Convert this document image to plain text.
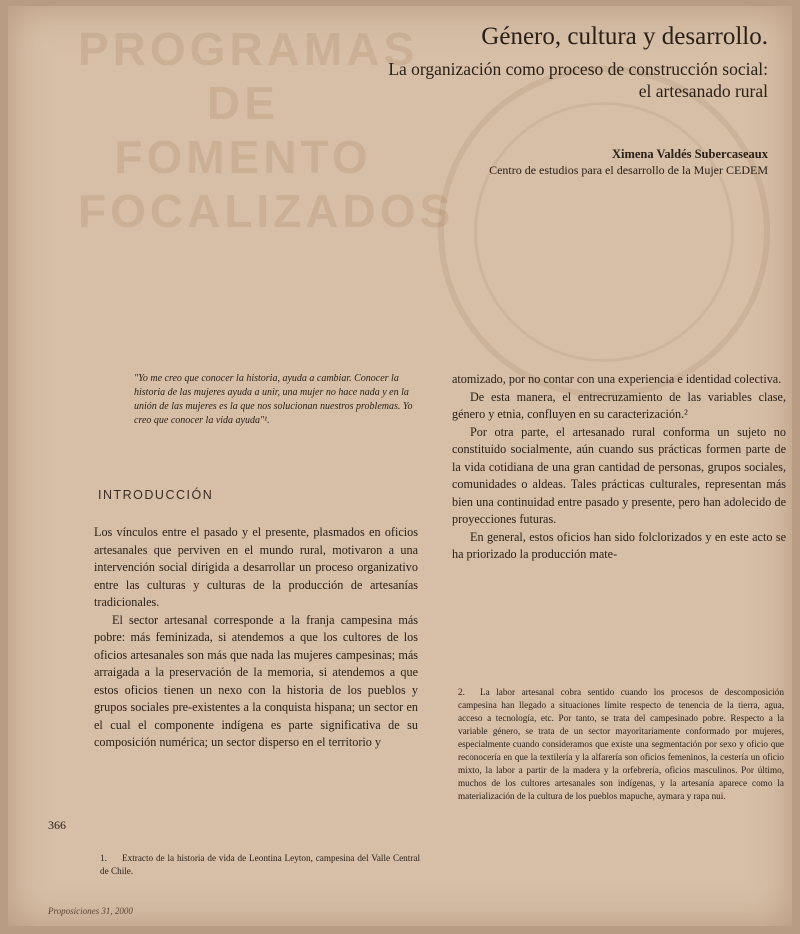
PROGRAMAS
DE FOMENTO
FOCALIZADOS
Género, cultura y desarrollo.
La organización como proceso de construcción social:
el artesanado rural
Ximena Valdés Subercaseaux
Centro de estudios para el desarrollo de la Mujer CEDEM
"Yo me creo que conocer la historia, ayuda a cambiar. Conocer la historia de las mujeres ayuda a unir, una mujer no hace nada y en la unión de las mujeres es la que nos solucionan nuestros problemas. Yo creo que conocer la vida ayuda"¹.
INTRODUCCIÓN

Los vínculos entre el pasado y el presente, plasmados en oficios artesanales que perviven en el mundo rural, motivaron a una intervención social dirigida a desarrollar un proceso organizativo entre las culturas y culturas de la producción de artesanías tradicionales.

El sector artesanal corresponde a la franja campesina más pobre: más feminizada, si atendemos a que los cultores de los oficios artesanales son más que nada las mujeres campesinas; más arraigada a la preservación de la memoria, si atendemos a que estos oficios tienen un nexo con la historia de los pueblos y grupos sociales pre-existentes a la conquista hispana; un sector en el cual el componente indígena es parte significativa de su composición numérica; un sector disperso en el territorio y

atomizado, por no contar con una experiencia e identidad colectiva.

De esta manera, el entrecruzamiento de las variables clase, género y etnia, confluyen en su caracterización.²

Por otra parte, el artesanado rural conforma un sujeto no constituido socialmente, aún cuando sus prácticas formen parte de la vida cotidiana de una gran cantidad de personas, grupos sociales, comunidades o aldeas. Tales prácticas culturales, representan más bien una continuidad entre pasado y presente, pero han adolecido de proyecciones futuras.

En general, estos oficios han sido folclorizados y en este acto se ha priorizado la producción mate-

2. La labor artesanal cobra sentido cuando los procesos de descomposición campesina han llegado a situaciones límite respecto de tenencia de la tierra, agua, acceso a tecnología, etc. Por tanto, se trata del campesinado pobre. Respecto a la variable género, se trata de un sector mayoritariamente conformado por mujeres, especialmente cuando consideramos que existe una segmentación por sexo y oficio que reconocería en que la textilería y la alfarería son oficios femeninos, la cestería un oficio mixto, la labor a partir de la madera y la orfebrería, oficios masculinos. Por último, muchos de los cultores artesanales son indígenas, y la artesanía aparece como la materialización de la cultura de los pueblos mapuche, aymara y rapa nui.
366
1. Extracto de la historia de vida de Leontina Leyton, campesina del Valle Central de Chile.
Proposiciones 31, 2000
